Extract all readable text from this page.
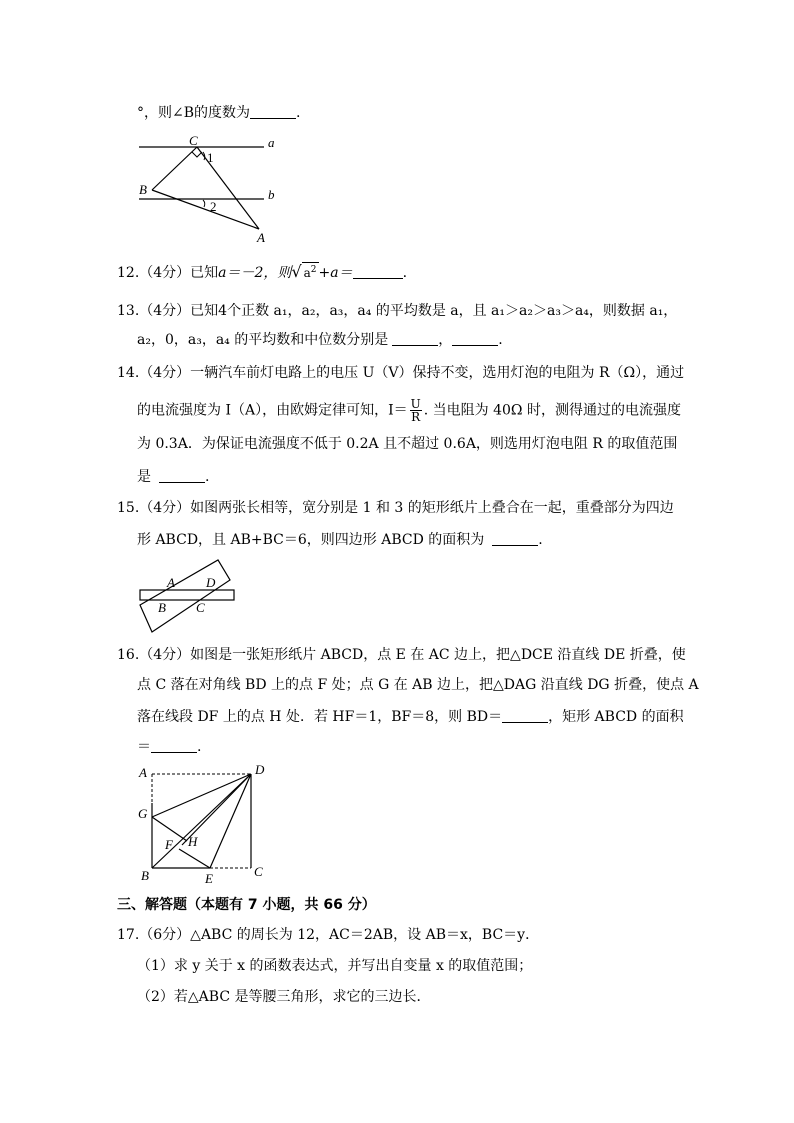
°，则∠B的度数为	.
C	a
B	b
1
2
A
12.（4分）已知a＝－2，则√ $a^2 +a=$	.
13.（4分）已知4个正数 a₁，a₂，a₃，a₄ 的平均数是 a，且 a₁＞a₂＞a₃＞a₄，则数据 a₁，
a₂，0，a₃，a₄ 的平均数和中位数分别是	，	.
14.（4分）一辆汽车前灯电路上的电压 U（V）保持不变，选用灯泡的电阻为 R（Ω），通过
的电流强度为 I（A），由欧姆定律可知，$I= \frac{U}{R}$ . 当电阻为 40Ω 时，测得通过的电流强度
为 0.3A．为保证电流强度不低于 0.2A 且不超过 0.6A，则选用灯泡电阻 R 的取值范围
是	.
15.（4分）如图两张长相等，宽分别是 1 和 3 的矩形纸片上叠合在一起，重叠部分为四边
形 ABCD，且 AB+BC＝6，则四边形 ABCD 的面积为	.
A D
B C
16.（4分）如图是一张矩形纸片 ABCD，点 E 在 AC 边上，把△DCE 沿直线 DE 折叠，使
点 C 落在对角线 BD 上的点 F 处；点 G 在 AB 边上，把△DAG 沿直线 DG 折叠，使点 A
落在线段 DF 上的点 H 处．若 HF＝1，BF＝8，则 BD＝	，矩形 ABCD 的面积
＝	.
A	D
G
F H
B	E	C
三、解答题（本题有 7 小题，共 66 分）
17.（6分）△ABC 的周长为 12，AC＝2AB，设 AB＝x，BC＝y．
（1）求 y 关于 x 的函数表达式，并写出自变量 x 的取值范围；
（2）若△ABC 是等腰三角形，求它的三边长．
